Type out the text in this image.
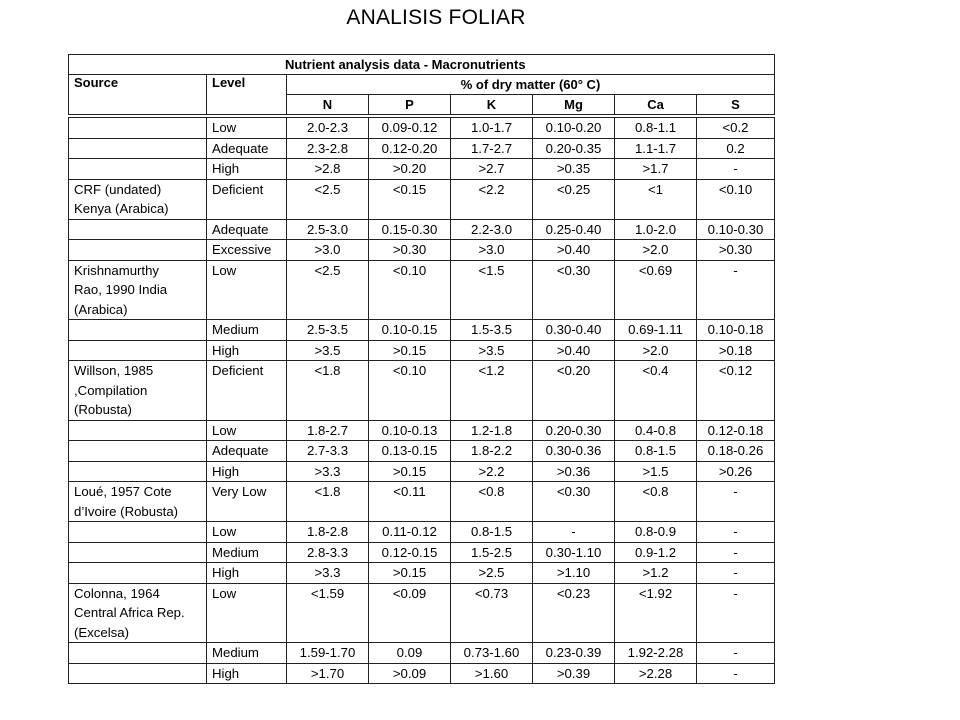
ANALISIS FOLIAR
Nutrient analysis data - Macronutrients							
Source	Level	% of dry matter (60° C)					
		N	P	K	Mg	Ca	S
	Low	2.0-2.3	0.09-0.12	1.0-1.7	0.10-0.20	0.8-1.1	<0.2
	Adequate	2.3-2.8	0.12-0.20	1.7-2.7	0.20-0.35	1.1-1.7	0.2
	High	>2.8	>0.20	>2.7	>0.35	>1.7	-

CRF (undated)
Kenya (Arabica)	Deficient	<2.5	<0.15	<2.2	<0.25	<1	<0.10
	Adequate	2.5-3.0	0.15-0.30	2.2-3.0	0.25-0.40	1.0-2.0	0.10-0.30
	Excessive	>3.0	>0.30	>3.0	>0.40	>2.0	>0.30

Krishnamurthy
Rao, 1990 India
(Arabica)	Low	<2.5	<0.10	<1.5	<0.30	<0.69	-
	Medium	2.5-3.5	0.10-0.15	1.5-3.5	0.30-0.40	0.69-1.11	0.10-0.18
	High	>3.5	>0.15	>3.5	>0.40	>2.0	>0.18

Willson, 1985
,Compilation
(Robusta)	Deficient	<1.8	<0.10	<1.2	<0.20	<0.4	<0.12
	Low	1.8-2.7	0.10-0.13	1.2-1.8	0.20-0.30	0.4-0.8	0.12-0.18
	Adequate	2.7-3.3	0.13-0.15	1.8-2.2	0.30-0.36	0.8-1.5	0.18-0.26
	High	>3.3	>0.15	>2.2	>0.36	>1.5	>0.26

Loué, 1957 Cote
d’Ivoire (Robusta)	Very Low	<1.8	<0.11	<0.8	<0.30	<0.8	-
	Low	1.8-2.8	0.11-0.12	0.8-1.5	-	0.8-0.9	-
	Medium	2.8-3.3	0.12-0.15	1.5-2.5	0.30-1.10	0.9-1.2	-
	High	>3.3	>0.15	>2.5	>1.10	>1.2	-

Colonna, 1964
Central Africa Rep.
(Excelsa)	Low	<1.59	<0.09	<0.73	<0.23	<1.92	-
	Medium	1.59-1.70	0.09	0.73-1.60	0.23-0.39	1.92-2.28	-
	High	>1.70	>0.09	>1.60	>0.39	>2.28	-
